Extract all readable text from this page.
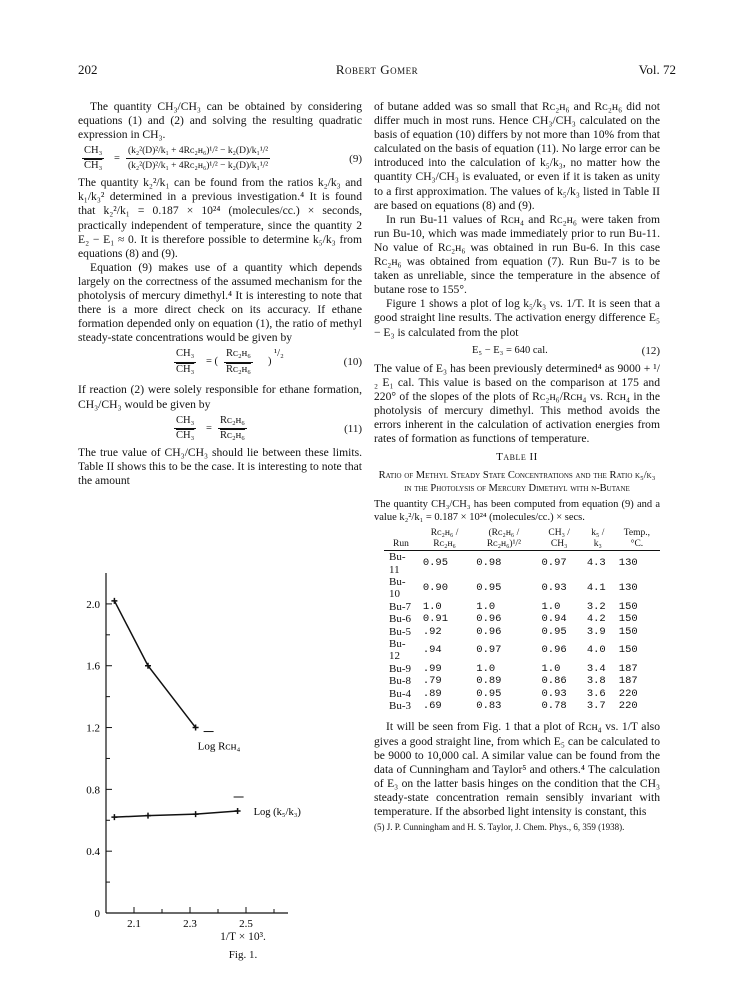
202	Robert Gomer	Vol. 72

The quantity CH₃/CH₃ can be obtained by considering equations (1) and (2) and solving the resulting quadratic expression in CH₃.

$\frac{\text{CH₃}}{\text{CH₃}} = \frac{\text{(k₂²(D)²/k₁ + 4Rᴄ₂ʜ₆)¹/² − k₂(D)/k₁¹/²}}{\text{(k₂²(D)²/k₁ + 4Rᴄ₂ʜ₆)¹/² − k₂(D)/k₁¹/²}}$	(9)

The quantity k₂²/k₁ can be found from the ratios k₂/k₃ and k₁/k₃² determined in a previous investigation.⁴ It is found that k₂²/k₁ = 0.187 × 10²⁴ (molecules/cc.) × seconds, practically independent of temperature, since the quantity 2 E₂ − E₁ ≈ 0. It is therefore possible to determine k₅/k₃ from equations (8) and (9).

Equation (9) makes use of a quantity which depends largely on the correctness of the assumed mechanism for the photolysis of mercury dimethyl.⁴ It is interesting to note that there is a more direct check on its accuracy. If ethane formation depended only on equation (1), the ratio of methyl steady-state concentrations would be given by

$\frac{\text{CH₃}}{\text{CH₃}}$ = ( $\frac{\text{Rᴄ₂ʜ₆}}{\text{Rᴄ₂ʜ₆}}$ )
¹/₂
(10)

If reaction (2) were solely responsible for ethane formation, CH₃/CH₃ would be given by

$\frac{\text{CH₃}}{\text{CH₃}} = \frac{\text{Rᴄ₂ʜ₆}}{\text{Rᴄ₂ʜ₆}}$	(11)

The true value of CH₃/CH₃ should lie between these limits. Table II shows this to be the case. It is interesting to note that the amount

0
0.4
0.8
1.2
1.6
2.0
2.1	2.3	2.5
Log Rᴄʜ₄
Log (k₅/k₃)
1/T × 10³.
Fig. 1.

of butane added was so small that Rᴄ₂ʜ₆ and Rᴄ₂ʜ₆ did not differ much in most runs. Hence CH₃/CH₃ calculated on the basis of equation (10) differs by not more than 10% from that calculated on the basis of equation (11). No large error can be introduced into the calculation of k₅/k₃, no matter how the quantity CH₃/CH₃ is evaluated, or even if it is taken as unity to a first approximation. The values of k₅/k₃ listed in Table II are based on equations (8) and (9).

In run Bu-11 values of Rᴄʜ₄ and Rᴄ₂ʜ₆ were taken from run Bu-10, which was made immediately prior to run Bu-11. No value of Rᴄ₂ʜ₆ was obtained in run Bu-6. In this case Rᴄ₂ʜ₆ was obtained from equation (7). Run Bu-7 is to be taken as unreliable, since the temperature in the absence of butane rose to 155°.

Figure 1 shows a plot of log k₅/k₃ vs. 1/T. It is seen that a good straight line results. The activation energy difference E₅ − E₃ is calculated from the plot

E₅ − E₃ = 640 cal.	(12)

The value of E₃ has been previously determined⁴ as 9000 + ¹/₂ E₁ cal. This value is based on the comparison at 175 and 220° of the slopes of the plots of Rᴄ₂ʜ₆/Rᴄʜ₄ vs. Rᴄʜ₄ in the photolysis of mercury dimethyl. This method avoids the errors inherent in the calculation of activation energies from rates of formation as functions of temperature.

Table II
Ratio of Methyl Steady State Concentrations and the Ratio k₅/k₃ in the Photolysis of Mercury Dimethyl with n-Butane
The quantity CH₃/CH₃ has been computed from equation (9) and a value k₂²/k₁ = 0.187 × 10²⁴ (molecules/cc.) × secs.
Run	Rᴄ₂ʜ₆ / Rᴄ₂ʜ₆	(Rᴄ₂ʜ₆ / Rᴄ₂ʜ₆)¹/²	CH₃ / CH₃	k₅ / k₃	Temp., °C.
Bu-11	0.95	0.98	0.97	4.3	130
Bu-10	0.90	0.95	0.93	4.1	130
Bu-7	1.0	1.0	1.0	3.2	150
Bu-6	0.91	0.96	0.94	4.2	150
Bu-5	.92	0.96	0.95	3.9	150
Bu-12	.94	0.97	0.96	4.0	150
Bu-9	.99	1.0	1.0	3.4	187
Bu-8	.79	0.89	0.86	3.8	187
Bu-4	.89	0.95	0.93	3.6	220
Bu-3	.69	0.83	0.78	3.7	220

It will be seen from Fig. 1 that a plot of Rᴄʜ₄ vs. 1/T also gives a good straight line, from which E₅ can be calculated to be 9000 to 10,000 cal. A similar value can be found from the data of Cunningham and Taylor⁵ and others.⁴ The calculation of E₃ on the latter basis hinges on the condition that the CH₃ steady-state concentration remain sensibly invariant with temperature. If the absorbed light intensity is constant, this

(5) J. P. Cunningham and H. S. Taylor, J. Chem. Phys., 6, 359 (1938).
